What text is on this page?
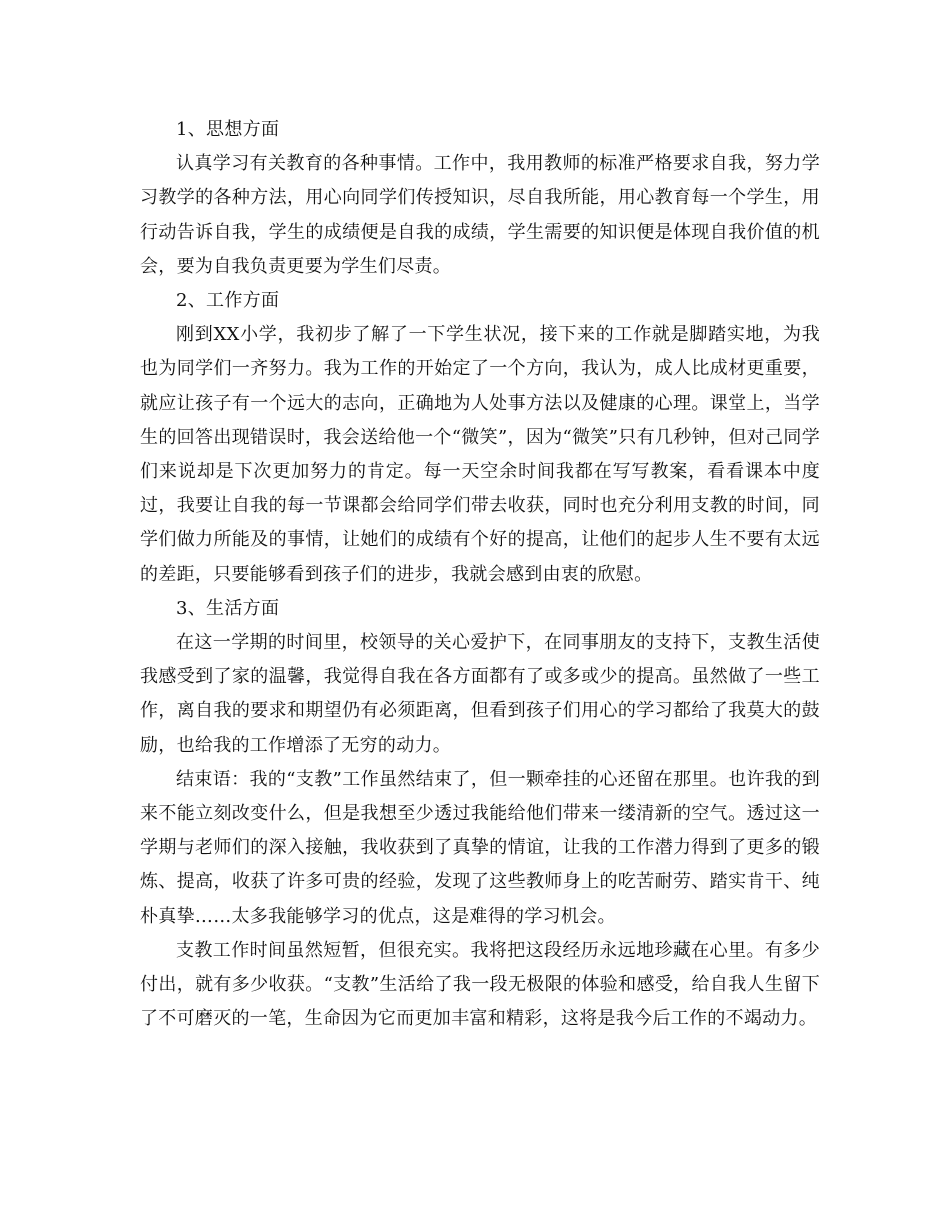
1、思想方面

认真学习有关教育的各种事情。工作中，我用教师的标准严格要求自我，努力学习教学的各种方法，用心向同学们传授知识，尽自我所能，用心教育每一个学生，用行动告诉自我，学生的成绩便是自我的成绩，学生需要的知识便是体现自我价值的机会，要为自我负责更要为学生们尽责。

2、工作方面

刚到XX小学，我初步了解了一下学生状况，接下来的工作就是脚踏实地，为我也为同学们一齐努力。我为工作的开始定了一个方向，我认为，成人比成材更重要，就应让孩子有一个远大的志向，正确地为人处事方法以及健康的心理。课堂上，当学生的回答出现错误时，我会送给他一个“微笑”，因为“微笑”只有几秒钟，但对己同学们来说却是下次更加努力的肯定。每一天空余时间我都在写写教案，看看课本中度过，我要让自我的每一节课都会给同学们带去收获，同时也充分利用支教的时间，同学们做力所能及的事情，让她们的成绩有个好的提高，让他们的起步人生不要有太远的差距，只要能够看到孩子们的进步，我就会感到由衷的欣慰。

3、生活方面

在这一学期的时间里，校领导的关心爱护下，在同事朋友的支持下，支教生活使我感受到了家的温馨，我觉得自我在各方面都有了或多或少的提高。虽然做了一些工作，离自我的要求和期望仍有必须距离，但看到孩子们用心的学习都给了我莫大的鼓励，也给我的工作增添了无穷的动力。

结束语：我的“支教”工作虽然结束了，但一颗牵挂的心还留在那里。也许我的到来不能立刻改变什么，但是我想至少透过我能给他们带来一缕清新的空气。透过这一学期与老师们的深入接触，我收获到了真挚的情谊，让我的工作潜力得到了更多的锻炼、提高，收获了许多可贵的经验，发现了这些教师身上的吃苦耐劳、踏实肯干、纯朴真挚……太多我能够学习的优点，这是难得的学习机会。

支教工作时间虽然短暂，但很充实。我将把这段经历永远地珍藏在心里。有多少付出，就有多少收获。“支教”生活给了我一段无极限的体验和感受，给自我人生留下了不可磨灭的一笔，生命因为它而更加丰富和精彩，这将是我今后工作的不竭动力。
